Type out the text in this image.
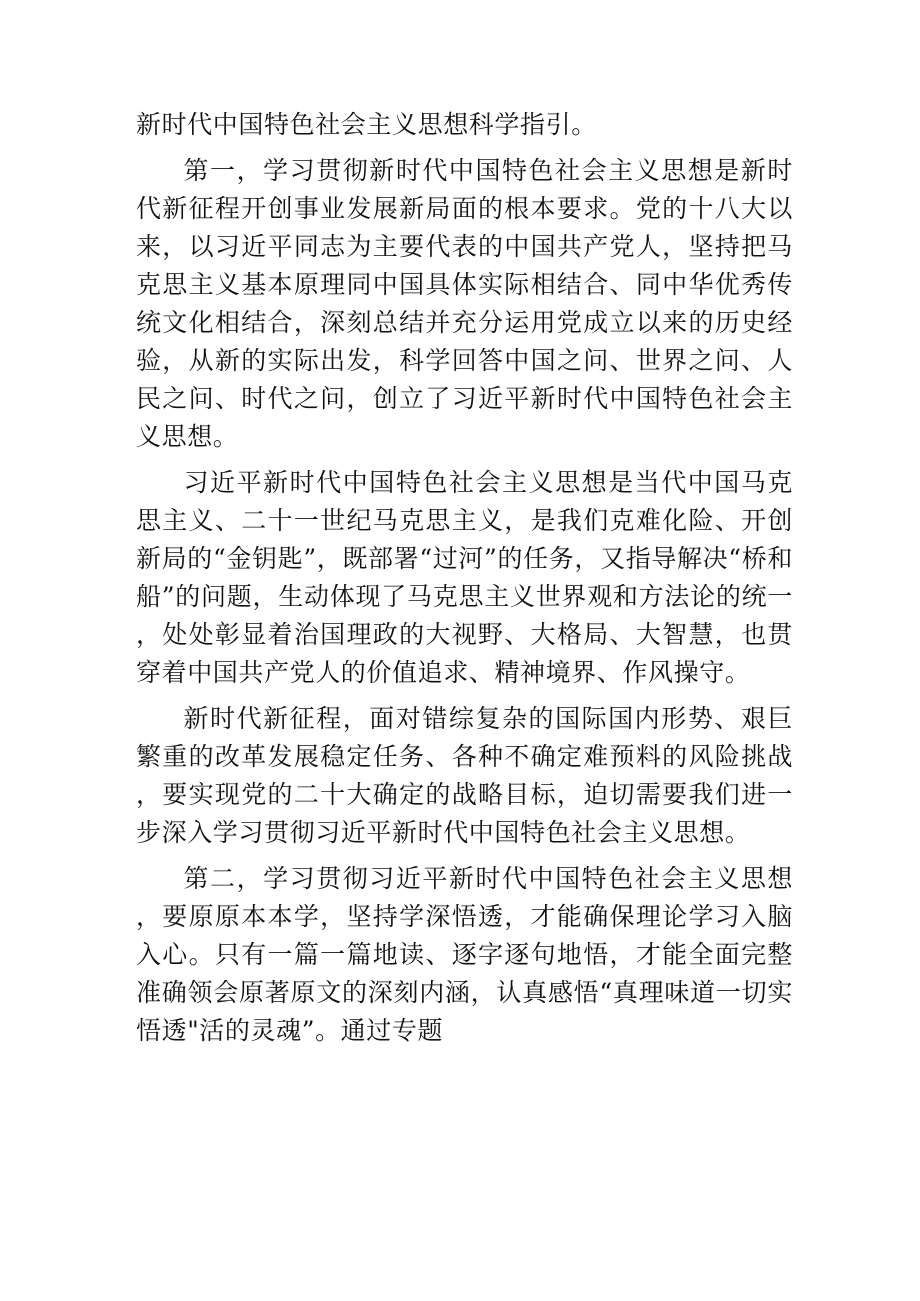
新时代中国特色社会主义思想科学指引。

第一，学习贯彻新时代中国特色社会主义思想是新时代新征程开创事业发展新局面的根本要求。党的十八大以来，以习近平同志为主要代表的中国共产党人，坚持把马克思主义基本原理同中国具体实际相结合、同中华优秀传统文化相结合，深刻总结并充分运用党成立以来的历史经验，从新的实际出发，科学回答中国之问、世界之问、人民之问、时代之问，创立了习近平新时代中国特色社会主义思想。

习近平新时代中国特色社会主义思想是当代中国马克思主义、二十一世纪马克思主义，是我们克难化险、开创新局的“金钥匙”，既部署“过河”的任务，又指导解决“桥和船”的问题，生动体现了马克思主义世界观和方法论的统一，处处彰显着治国理政的大视野、大格局、大智慧，也贯穿着中国共产党人的价值追求、精神境界、作风操守。

新时代新征程，面对错综复杂的国际国内形势、艰巨繁重的改革发展稳定任务、各种不确定难预料的风险挑战，要实现党的二十大确定的战略目标，迫切需要我们进一步深入学习贯彻习近平新时代中国特色社会主义思想。

第二，学习贯彻习近平新时代中国特色社会主义思想，要原原本本学，坚持学深悟透，才能确保理论学习入脑入心。只有一篇一篇地读、逐字逐句地悟，才能全面完整准确领会原著原文的深刻内涵，认真感悟“真理味道一切实悟透"活的灵魂”。通过专题
